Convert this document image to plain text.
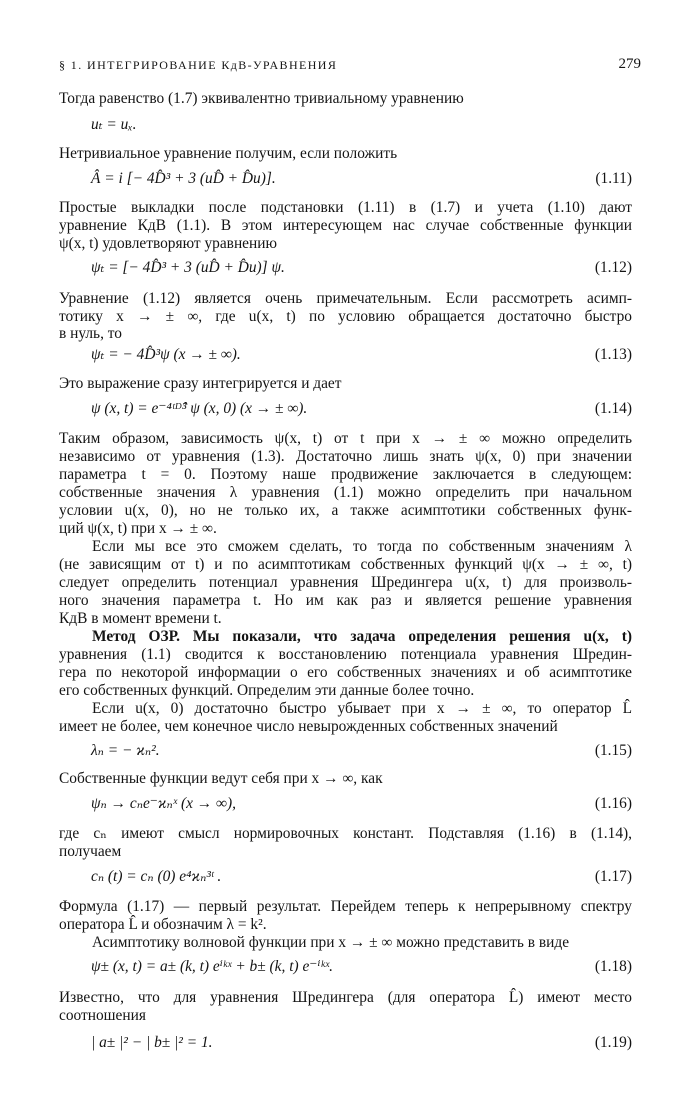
§ 1. ИНТЕГРИРОВАНИЕ КдВ-УРАВНЕНИЯ	279
Тогда равенство (1.7) эквивалентно тривиальному уравнению
uₜ = uₓ.
Нетривиальное уравнение получим, если положить
Â = i [− 4D̂³ + 3 (uD̂ + D̂u)].	(1.11)
Простые выкладки после подстановки (1.11) в (1.7) и учета (1.10) дают
уравнение КдВ (1.1). В этом интересующем нас случае собственные функции
ψ(x, t) удовлетворяют уравнению
ψₜ = [− 4D̂³ + 3 (uD̂ + D̂u)] ψ.	(1.12)
Уравнение (1.12) является очень примечательным. Если рассмотреть асимп-
тотику x → ± ∞, где u(x, t) по условию обращается достаточно быстро
в нуль, то
ψₜ = − 4D̂³ψ (x → ± ∞).	(1.13)
Это выражение сразу интегрируется и дает
ψ (x, t) = e⁻⁴ᵗᴰ̂³ ψ (x, 0) (x → ± ∞).	(1.14)
Таким образом, зависимость ψ(x, t) от t при x → ± ∞ можно определить
независимо от уравнения (1.3). Достаточно лишь знать ψ(x, 0) при значении
параметра t = 0. Поэтому наше продвижение заключается в следующем:
собственные значения λ уравнения (1.1) можно определить при начальном
условии u(x, 0), но не только их, а также асимптотики собственных функ-
ций ψ(x, t) при x → ± ∞.
Если мы все это сможем сделать, то тогда по собственным значениям λ
(не зависящим от t) и по асимптотикам собственных функций ψ(x → ± ∞, t)
следует определить потенциал уравнения Шредингера u(x, t) для произволь-
ного значения параметра t. Но им как раз и является решение уравнения
КдВ в момент времени t.
Метод ОЗР. Мы показали, что задача определения решения u(x, t)
уравнения (1.1) сводится к восстановлению потенциала уравнения Шредин-
гера по некоторой информации о его собственных значениях и об асимптотике
его собственных функций. Определим эти данные более точно.
Если u(x, 0) достаточно быстро убывает при x → ± ∞, то оператор L̂
имеет не более, чем конечное число невырожденных собственных значений
λₙ = − ϰₙ².	(1.15)
Собственные функции ведут себя при x → ∞, как
ψₙ → cₙe⁻ϰₙˣ (x → ∞),	(1.16)
где cₙ имеют смысл нормировочных констант. Подставляя (1.16) в (1.14),
получаем
cₙ (t) = cₙ (0) e⁴ϰₙ³ᵗ .	(1.17)
Формула (1.17) — первый результат. Перейдем теперь к непрерывному спектру
оператора L̂ и обозначим λ = k².
Асимптотику волновой функции при x → ± ∞ можно представить в виде
ψ± (x, t) = a± (k, t) eⁱᵏˣ + b± (k, t) e⁻ⁱᵏˣ.	(1.18)
Известно, что для уравнения Шредингера (для оператора L̂) имеют место
соотношения
| a± |² − | b± |² = 1.	(1.19)
